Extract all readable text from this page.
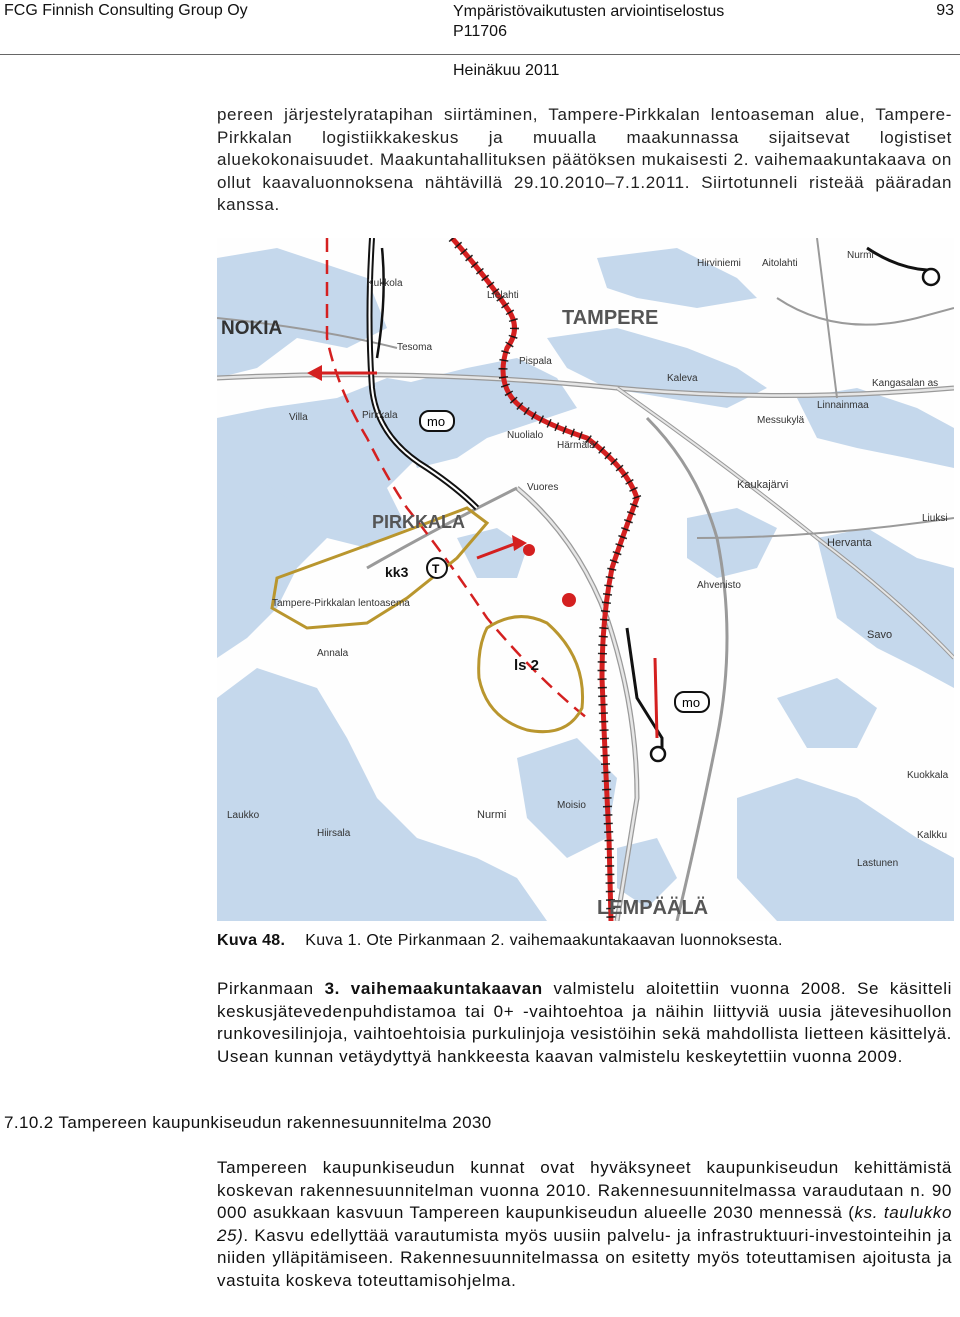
FCG Finnish Consulting Group Oy	Ympäristövaikutusten arviointiselostus
P11706
93
Heinäkuu 2011
pereen järjestelyratapihan siirtäminen, Tampere-Pirkkalan lentoaseman alue, Tampere-Pirkkalan logistiikkakeskus ja muualla maakunnassa sijaitsevat logistiset aluekokonaisuudet. Maakuntahallituksen päätöksen mukaisesti 2. vaihemaakuntakaava on ollut kaavaluonnoksena nähtävillä 29.10.2010–7.1.2011. Siirtotunneli risteää pääradan kanssa.
T
mo
mo
NOKIA	TAMPERE
PIRKKALA
LEMPÄÄLÄ
kk3
ls 2
Tampere-Pirkkalan lentoasema
Hervanta
Kaukajärvi
Annala
Nurmi
Hiirsala
Savo
Liuksi
Kangasalan as
Lastunen
Laukko
Moisio
Messukylä
Kaleva
Pispala
Tesoma
Lielahti
Villa
Nuolialo
Härmälä
Linnainmaa
Hirviniemi Aitolahti
Nurmi
Kukkola
Kuokkala
Vuores
Ahvenisto
Pirkkala
Kalkku
Kuva 48. Kuva 1. Ote Pirkanmaan 2. vaihemaakuntakaavan luonnoksesta.
Pirkanmaan 3. vaihemaakuntakaavan valmistelu aloitettiin vuonna 2008. Se käsitteli keskusjätevedenpuhdistamoa tai 0+ -vaihtoehtoa ja näihin liittyviä uusia jätevesihuollon runkovesilinjoja, vaihtoehtoisia purkulinjoja vesistöihin sekä mahdollista lietteen käsittelyä. Usean kunnan vetäydyttyä hankkeesta kaavan valmistelu keskeytettiin vuonna 2009.
7.10.2 Tampereen kaupunkiseudun rakennesuunnitelma 2030
Tampereen kaupunkiseudun kunnat ovat hyväksyneet kaupunkiseudun kehittämistä koskevan rakennesuunnitelman vuonna 2010. Rakennesuunnitelmassa varaudutaan n. 90 000 asukkaan kasvuun Tampereen kaupunkiseudun alueelle 2030 mennessä (ks. taulukko 25). Kasvu edellyttää varautumista myös uusiin palvelu- ja infrastruktuuri-investointeihin ja niiden ylläpitämiseen. Rakennesuunnitelmassa on esitetty myös toteuttamisen ajoitusta ja vastuita koskeva toteuttamisohjelma.
